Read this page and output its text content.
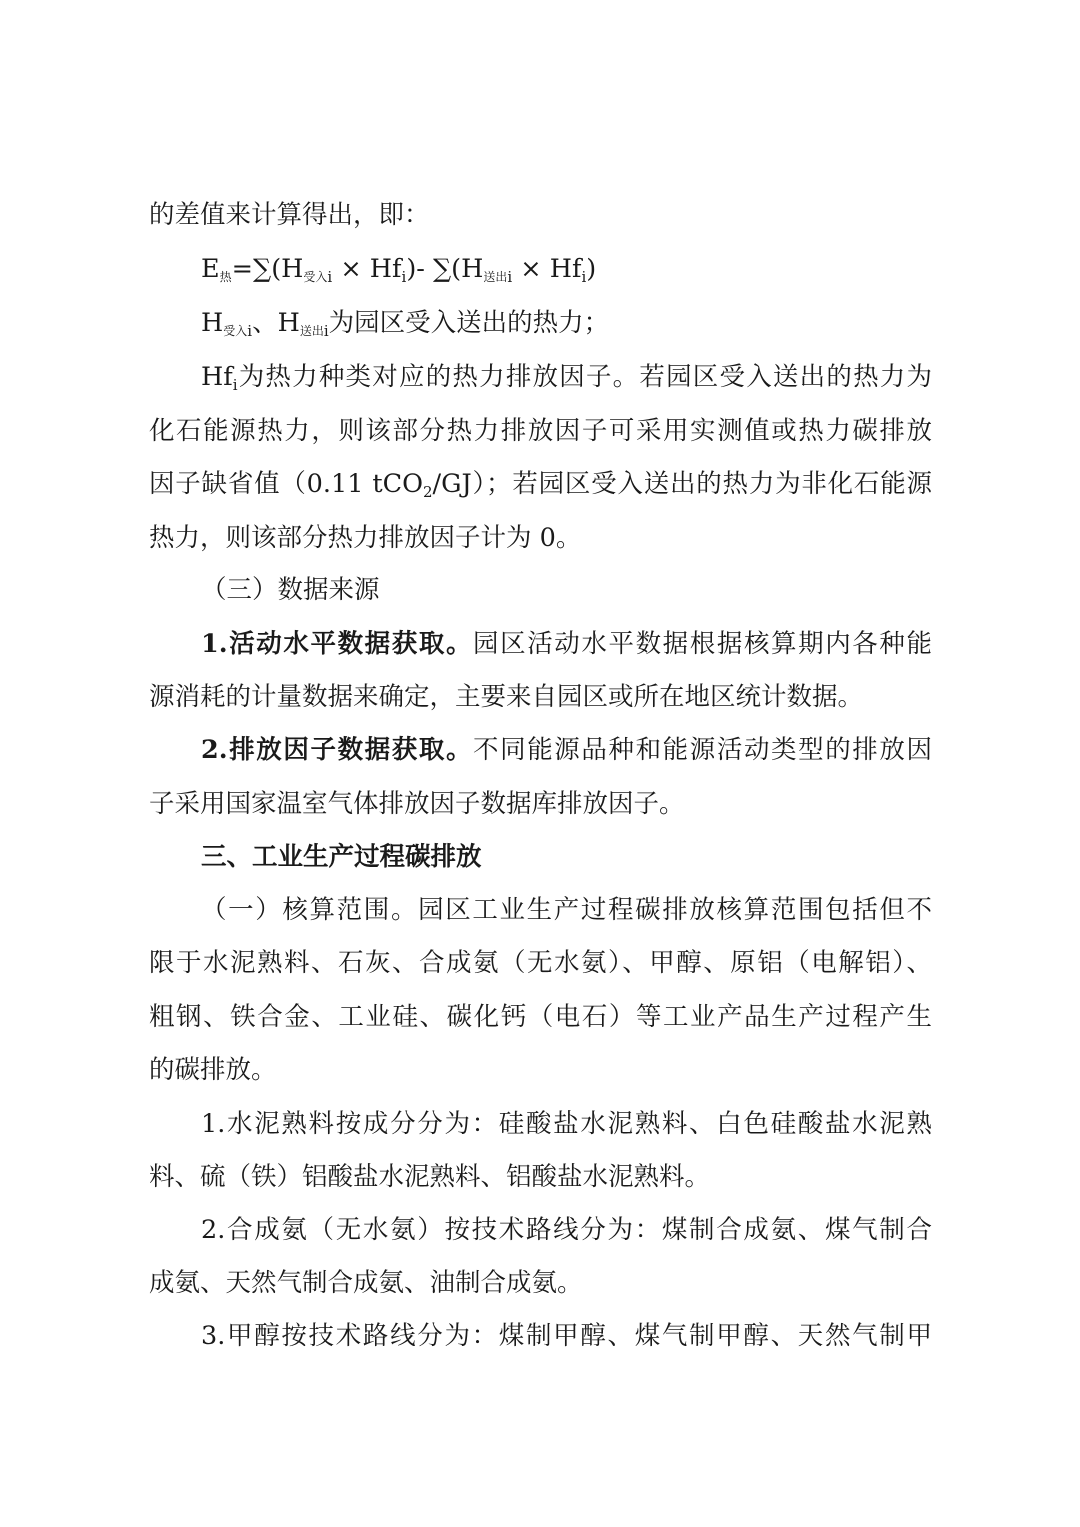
的差值来计算得出，即：
$E_热=\sum(H_{受入}i \times Hfi)-$ $\sum(H_{送出}i \times Hfi)$
$H_{受入}i$、$H_{送出}i$为园区受入送出的热力；
Hfi为热力种类对应的热力排放因子。若园区受入送出的热力为
化石能源热力，则该部分热力排放因子可采用实测值或热力碳排放
因子缺省值（0.11 tCO2/GJ）；若园区受入送出的热力为非化石能源
热力，则该部分热力排放因子计为 0。
（三）数据来源
1.活动水平数据获取。园区活动水平数据根据核算期内各种能
源消耗的计量数据来确定，主要来自园区或所在地区统计数据。
2.排放因子数据获取。不同能源品种和能源活动类型的排放因
子采用国家温室气体排放因子数据库排放因子。
三、工业生产过程碳排放
（一）核算范围。园区工业生产过程碳排放核算范围包括但不
限于水泥熟料、石灰、合成氨（无水氨）、甲醇、原铝（电解铝）、
粗钢、铁合金、工业硅、碳化钙（电石）等工业产品生产过程产生
的碳排放。
1.水泥熟料按成分分为：硅酸盐水泥熟料、白色硅酸盐水泥熟
料、硫（铁）铝酸盐水泥熟料、铝酸盐水泥熟料。
2.合成氨（无水氨）按技术路线分为：煤制合成氨、煤气制合
成氨、天然气制合成氨、油制合成氨。
3.甲醇按技术路线分为：煤制甲醇、煤气制甲醇、天然气制甲
